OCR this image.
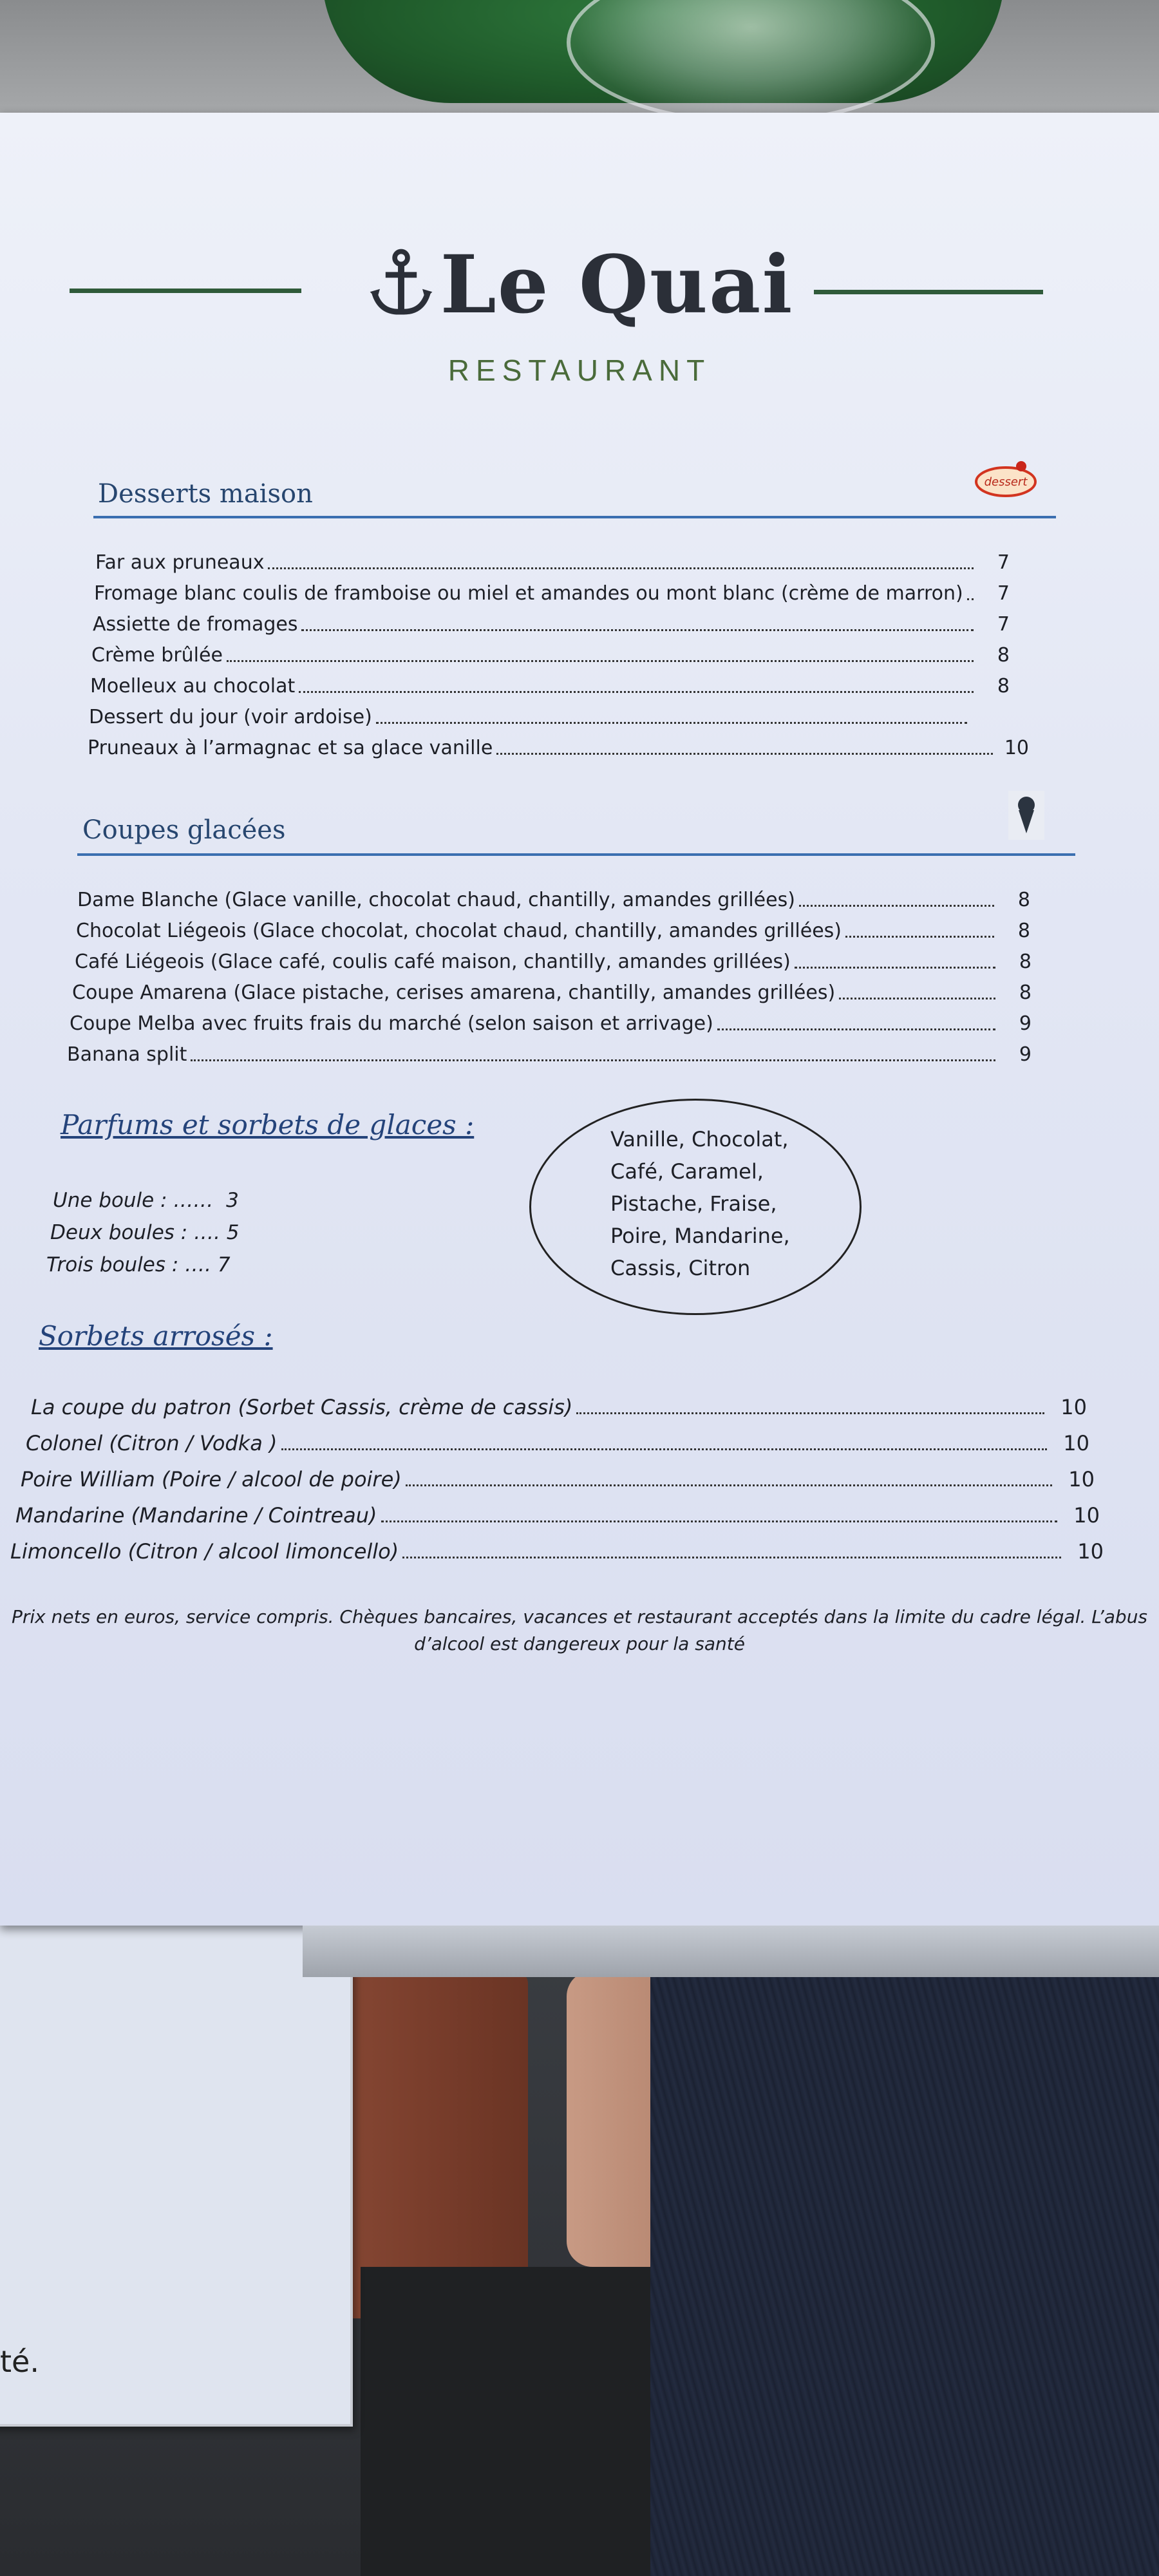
té.
Le Quai
RESTAURANT
Desserts maison	dessert
Far aux pruneaux	7
Fromage blanc coulis de framboise ou miel et amandes ou mont blanc (crème de marron)	7
Assiette de fromages	7
Crème brûlée	8
Moelleux au chocolat	8
Dessert du jour (voir ardoise)
Pruneaux à l’armagnac et sa glace vanille	10
Coupes glacées
Dame Blanche (Glace vanille, chocolat chaud, chantilly, amandes grillées)	8
Chocolat Liégeois (Glace chocolat, chocolat chaud, chantilly, amandes grillées)	8
Café Liégeois (Glace café, coulis café maison, chantilly, amandes grillées)	8
Coupe Amarena (Glace pistache, cerises amarena, chantilly, amandes grillées)	8
Coupe Melba avec fruits frais du marché (selon saison et arrivage)	9
Banana split	9
Parfums et sorbets de glaces :
Une boule : ……  3
Deux boules : …. 5
Trois boules : …. 7
Vanille, Chocolat,
Café, Caramel,
Pistache, Fraise,
Poire, Mandarine,
Cassis, Citron
Sorbets arrosés :
La coupe du patron (Sorbet Cassis, crème de cassis)	10
Colonel (Citron / Vodka )	10
Poire William (Poire / alcool de poire)	10
Mandarine (Mandarine / Cointreau)	10
Limoncello (Citron / alcool limoncello)	10
Prix nets en euros, service compris. Chèques bancaires, vacances et restaurant acceptés dans la limite du cadre légal. L’abus
d’alcool est dangereux pour la santé
